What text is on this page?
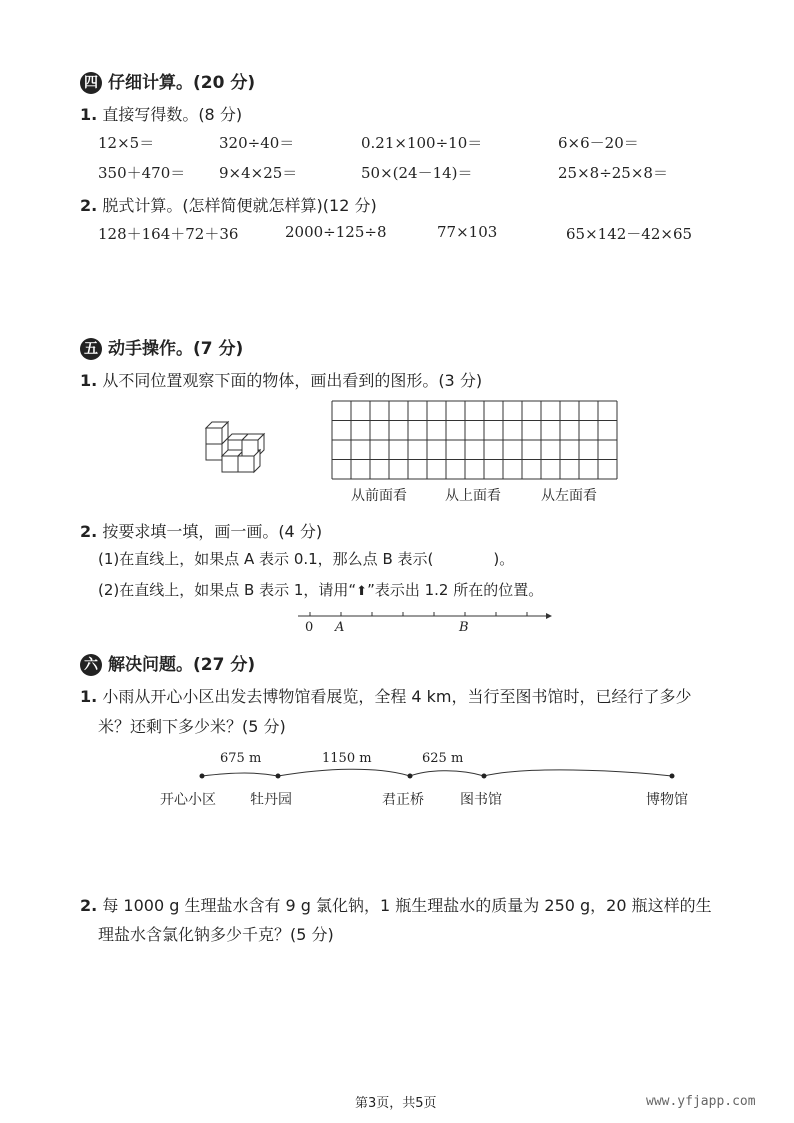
四 仔细计算。(20 分)
1. 直接写得数。(8 分)
12×5＝	320÷40＝	0.21×100÷10＝	6×6－20＝
350＋470＝ 9×4×25＝	50×(24－14)＝	25×8÷25×8＝
2. 脱式计算。(怎样简便就怎样算)(12 分)
128＋164＋72＋36	2000÷125÷8	77×103	65×142－42×65
五 动手操作。(7 分)
1. 从不同位置观察下面的物体，画出看到的图形。(3 分)
从前面看	从上面看	从左面看
2. 按要求填一填，画一画。(4 分)
(1)在直线上，如果点 A 表示 0.1，那么点 B 表示(	)。
(2)在直线上，如果点 B 表示 1，请用“⬆”表示出 1.2 所在的位置。
0 A	B
六 解决问题。(27 分)
1. 小雨从开心小区出发去博物馆看展览，全程 4 km，当行至图书馆时，已经行了多少
米？还剩下多少米？(5 分)
675 m	1150 m	625 m
开心小区 牡丹园	君正桥	图书馆	博物馆
2. 每 1000 g 生理盐水含有 9 g 氯化钠，1 瓶生理盐水的质量为 250 g，20 瓶这样的生
理盐水含氯化钠多少千克？(5 分)
第3页，共5页	www.yfjapp.com
